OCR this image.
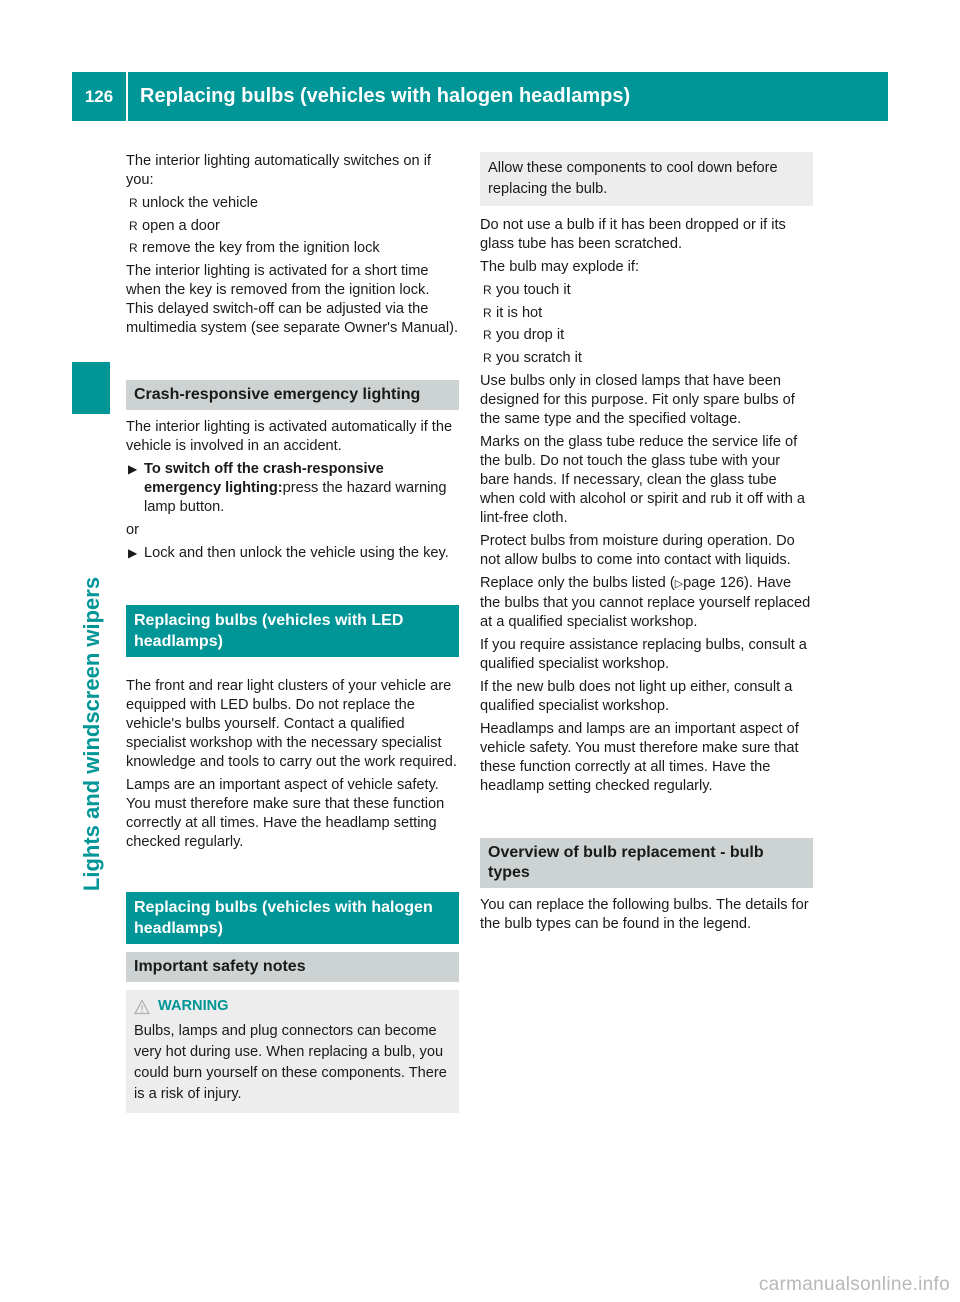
126	Replacing bulbs (vehicles with halogen headlamps)
Lights and windscreen wipers

The interior lighting automatically switches on if you:

R unlock the vehicle
R open a door
R remove the key from the ignition lock

The interior lighting is activated for a short time when the key is removed from the ignition lock. This delayed switch-off can be adjusted via the multimedia system (see separate Owner's Manual).

Crash-responsive emergency lighting

The interior lighting is activated automatically if the vehicle is involved in an accident.

▶ To switch off the crash-responsive emergency lighting:press the hazard warning lamp button.

or

▶ Lock and then unlock the vehicle using the key.
Replacing bulbs (vehicles with LED headlamps)

The front and rear light clusters of your vehicle are equipped with LED bulbs. Do not replace the vehicle's bulbs yourself. Contact a qualified specialist workshop with the necessary specialist knowledge and tools to carry out the work required.

Lamps are an important aspect of vehicle safety. You must therefore make sure that these function correctly at all times. Have the headlamp setting checked regularly.

Replacing bulbs (vehicles with halogen headlamps)
Important safety notes
WARNING

Bulbs, lamps and plug connectors can become very hot during use. When replacing a bulb, you could burn yourself on these components. There is a risk of injury.

Allow these components to cool down before replacing the bulb.

Do not use a bulb if it has been dropped or if its glass tube has been scratched.

The bulb may explode if:

R you touch it
R it is hot
R you drop it
R you scratch it

Use bulbs only in closed lamps that have been designed for this purpose. Fit only spare bulbs of the same type and the specified voltage.

Marks on the glass tube reduce the service life of the bulb. Do not touch the glass tube with your bare hands. If necessary, clean the glass tube when cold with alcohol or spirit and rub it off with a lint-free cloth.

Protect bulbs from moisture during operation. Do not allow bulbs to come into contact with liquids.

Replace only the bulbs listed (▷page 126). Have the bulbs that you cannot replace yourself replaced at a qualified specialist workshop.

If you require assistance replacing bulbs, consult a qualified specialist workshop.

If the new bulb does not light up either, consult a qualified specialist workshop.

Headlamps and lamps are an important aspect of vehicle safety. You must therefore make sure that these function correctly at all times. Have the headlamp setting checked regularly.

Overview of bulb replacement - bulb types

You can replace the following bulbs. The details for the bulb types can be found in the legend.

carmanualsonline.info
